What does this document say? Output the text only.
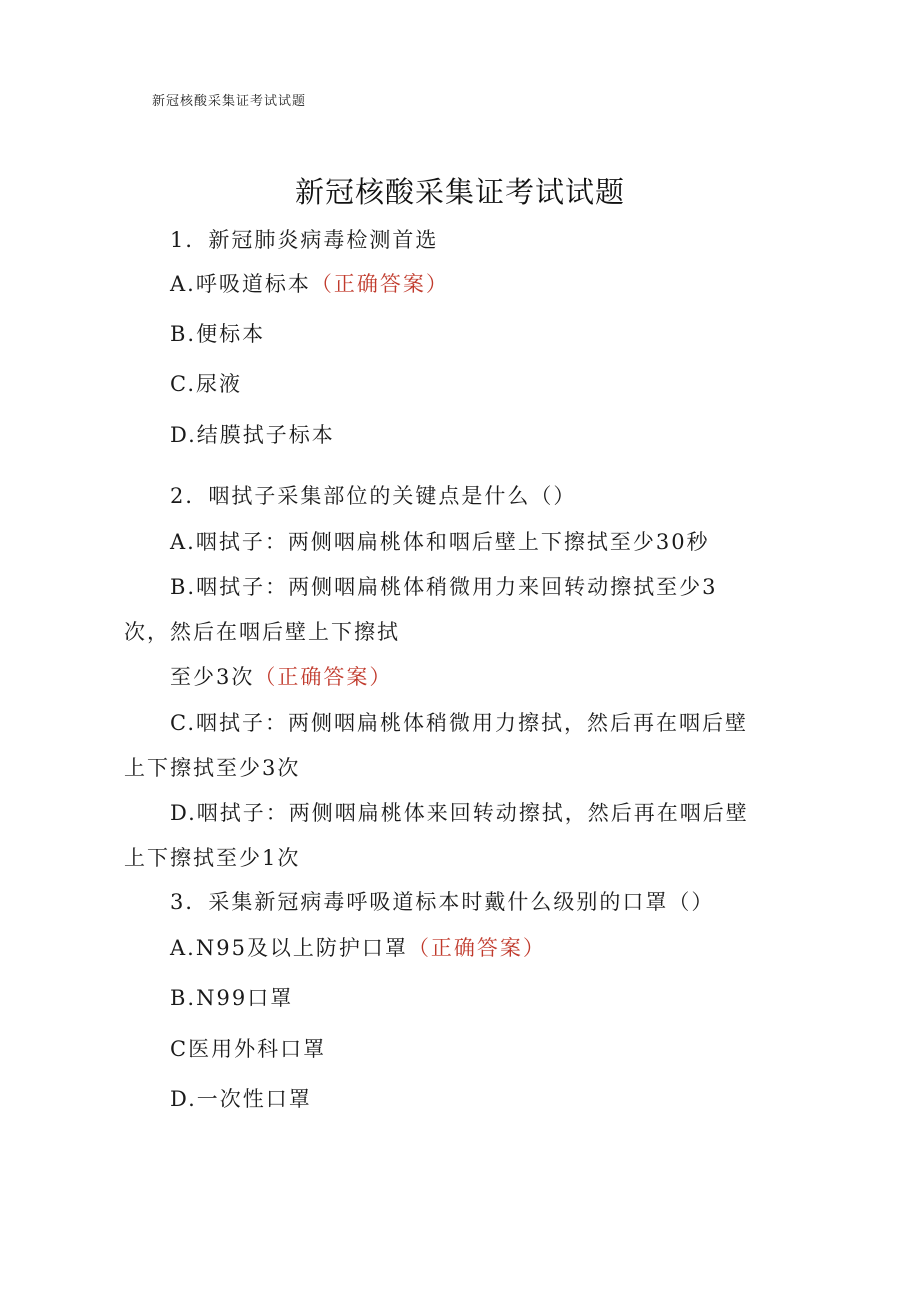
新冠核酸采集证考试试题
新冠核酸采集证考试试题
1．新冠肺炎病毒检测首选
A.呼吸道标本（正确答案）
B.便标本
C.尿液
D.结膜拭子标本
2．咽拭子采集部位的关键点是什么（）
A.咽拭子：两侧咽扁桃体和咽后壁上下擦拭至少30秒
B.咽拭子：两侧咽扁桃体稍微用力来回转动擦拭至少3
次，然后在咽后壁上下擦拭
至少3次（正确答案）
C.咽拭子：两侧咽扁桃体稍微用力擦拭，然后再在咽后壁
上下擦拭至少3次
D.咽拭子：两侧咽扁桃体来回转动擦拭，然后再在咽后壁
上下擦拭至少1次
3．采集新冠病毒呼吸道标本时戴什么级别的口罩（）
A.N95及以上防护口罩（正确答案）
B.N99口罩
C医用外科口罩
D.一次性口罩
